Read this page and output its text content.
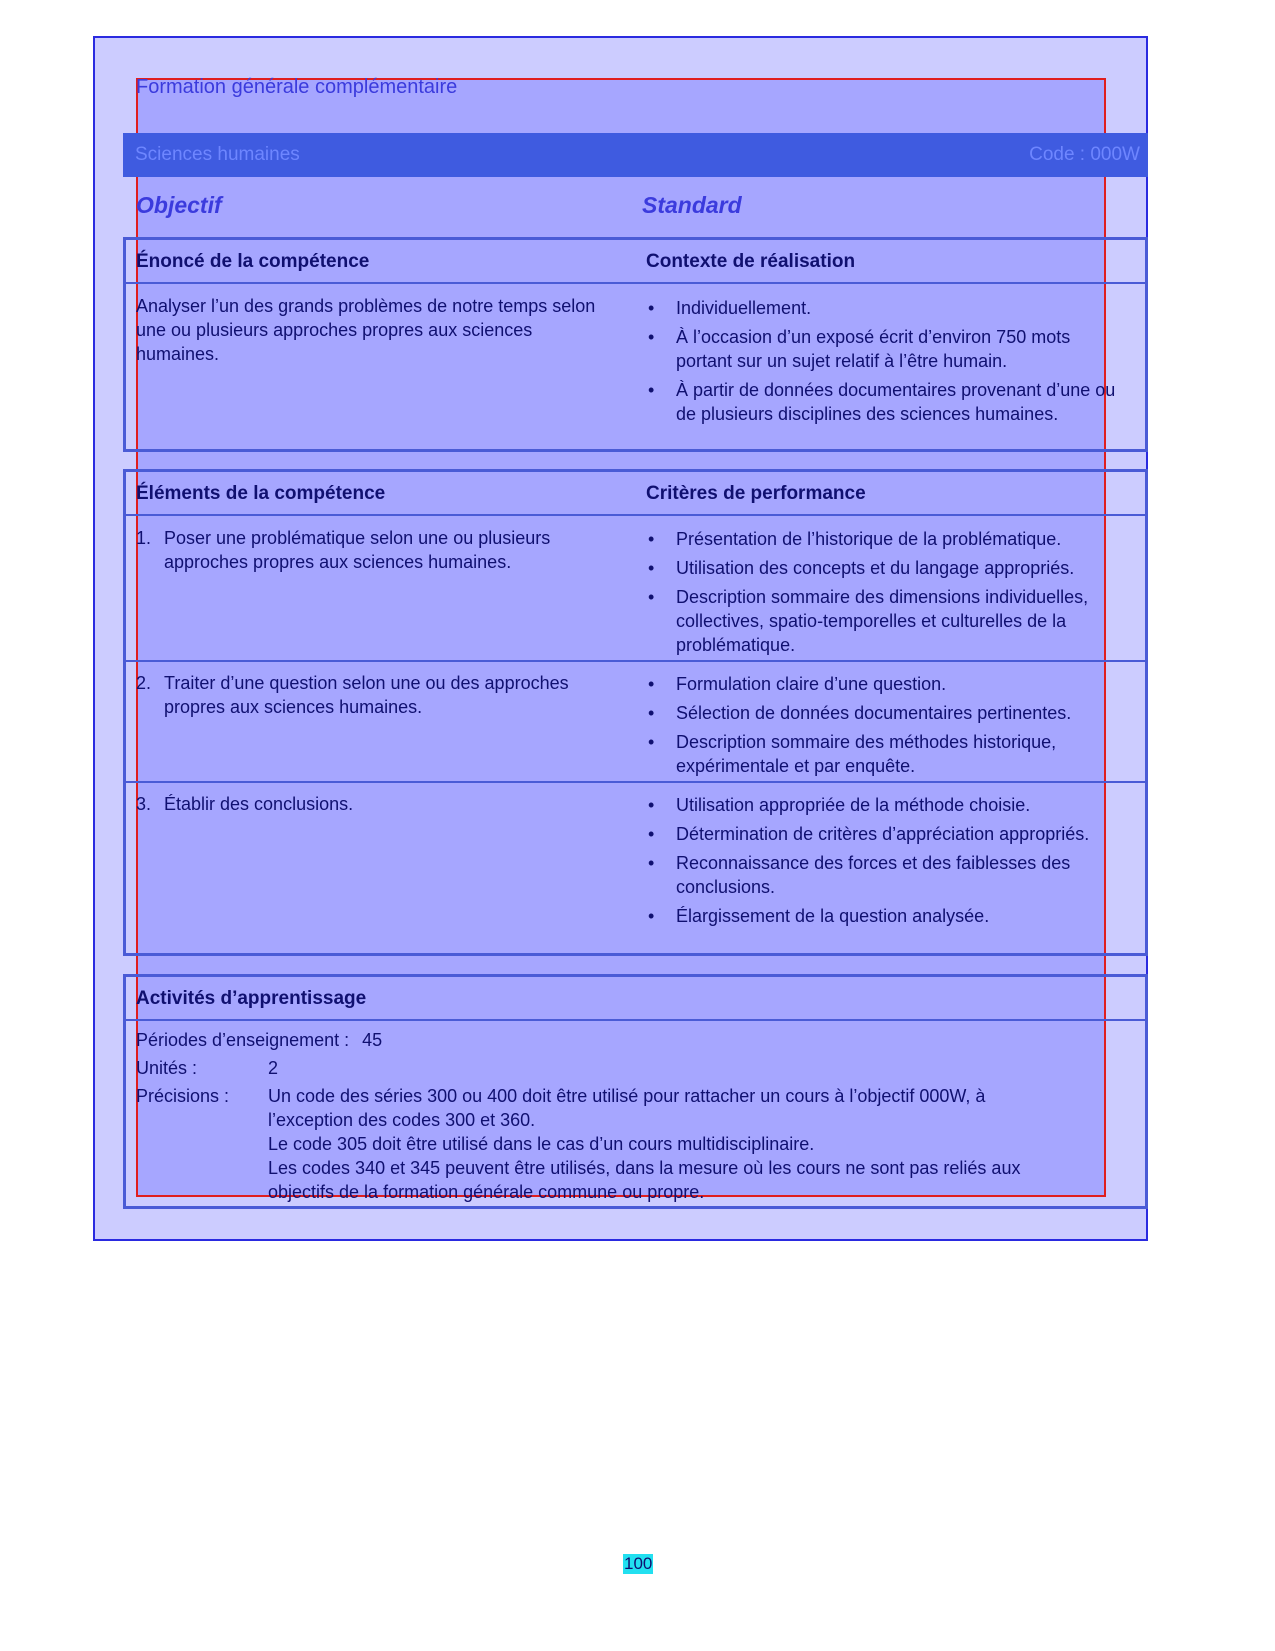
Formation générale complémentaire
Sciences humaines	Code : 000W
Objectif	Standard
Énoncé de la compétence	Contexte de réalisation
Analyser l’un des grands problèmes de notre temps selon une ou plusieurs approches propres aux sciences humaines.
• Individuellement.
• À l’occasion d’un exposé écrit d’environ 750 mots portant sur un sujet relatif à l’être humain.
• À partir de données documentaires provenant d’une ou de plusieurs disciplines des sciences humaines.
Éléments de la compétence	Critères de performance
1. Poser une problématique selon une ou plusieurs approches propres aux sciences humaines.
• Présentation de l’historique de la problématique.
• Utilisation des concepts et du langage appropriés.
• Description sommaire des dimensions individuelles, collectives, spatio-temporelles et culturelles de la problématique.
2. Traiter d’une question selon une ou des approches propres aux sciences humaines.
• Formulation claire d’une question.
• Sélection de données documentaires pertinentes.
• Description sommaire des méthodes historique, expérimentale et par enquête.
3. Établir des conclusions.
•	Utilisation appropriée de la méthode choisie.
• Détermination de critères d’appréciation appropriés.
• Reconnaissance des forces et des faiblesses des conclusions.
• Élargissement de la question analysée.
Activités d’apprentissage
Périodes d’enseignement : 45
Unités :	2
Précisions : Un code des séries 300 ou 400 doit être utilisé pour rattacher un cours à l’objectif 000W, à
l’exception des codes 300 et 360.
Le code 305 doit être utilisé dans le cas d’un cours multidisciplinaire.
Les codes 340 et 345 peuvent être utilisés, dans la mesure où les cours ne sont pas reliés aux
objectifs de la formation générale commune ou propre.
100
